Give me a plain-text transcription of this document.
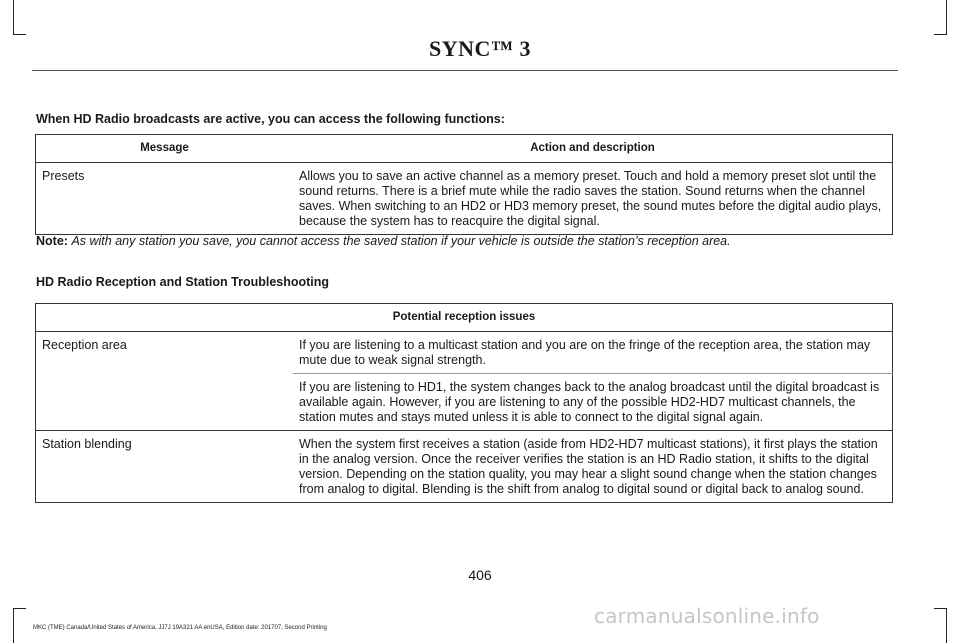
SYNC™ 3
When HD Radio broadcasts are active, you can access the following functions:
Message	Action and description
Presets	Allows you to save an active channel as a memory preset. Touch and hold a memory preset slot until the sound returns. There is a brief mute while the radio saves the station. Sound returns when the channel saves. When switching to an HD2 or HD3 memory preset, the sound mutes before the digital audio plays, because the system has to reacquire the digital signal.
Note: As with any station you save, you cannot access the saved station if your vehicle is outside the station’s reception area.
HD Radio Reception and Station Troubleshooting
Potential reception issues	
Reception area	If you are listening to a multicast station and you are on the fringe of the reception area, the station may mute due to weak signal strength.
	If you are listening to HD1, the system changes back to the analog broadcast until the digital broadcast is available again. However, if you are listening to any of the possible HD2-HD7 multicast channels, the station mutes and stays muted unless it is able to connect to the digital signal again.
Station blending	When the system first receives a station (aside from HD2-HD7 multicast stations), it first plays the station in the analog version. Once the receiver verifies the station is an HD Radio station, it shifts to the digital version. Depending on the station quality, you may hear a slight sound change when the station changes from analog to digital. Blending is the shift from analog to digital sound or digital back to analog sound.
406
MKC (TME) Canada/United States of America, JJ7J 19A321 AA enUSA, Edition date: 201707, Second Printing	carmanualsonline.info
